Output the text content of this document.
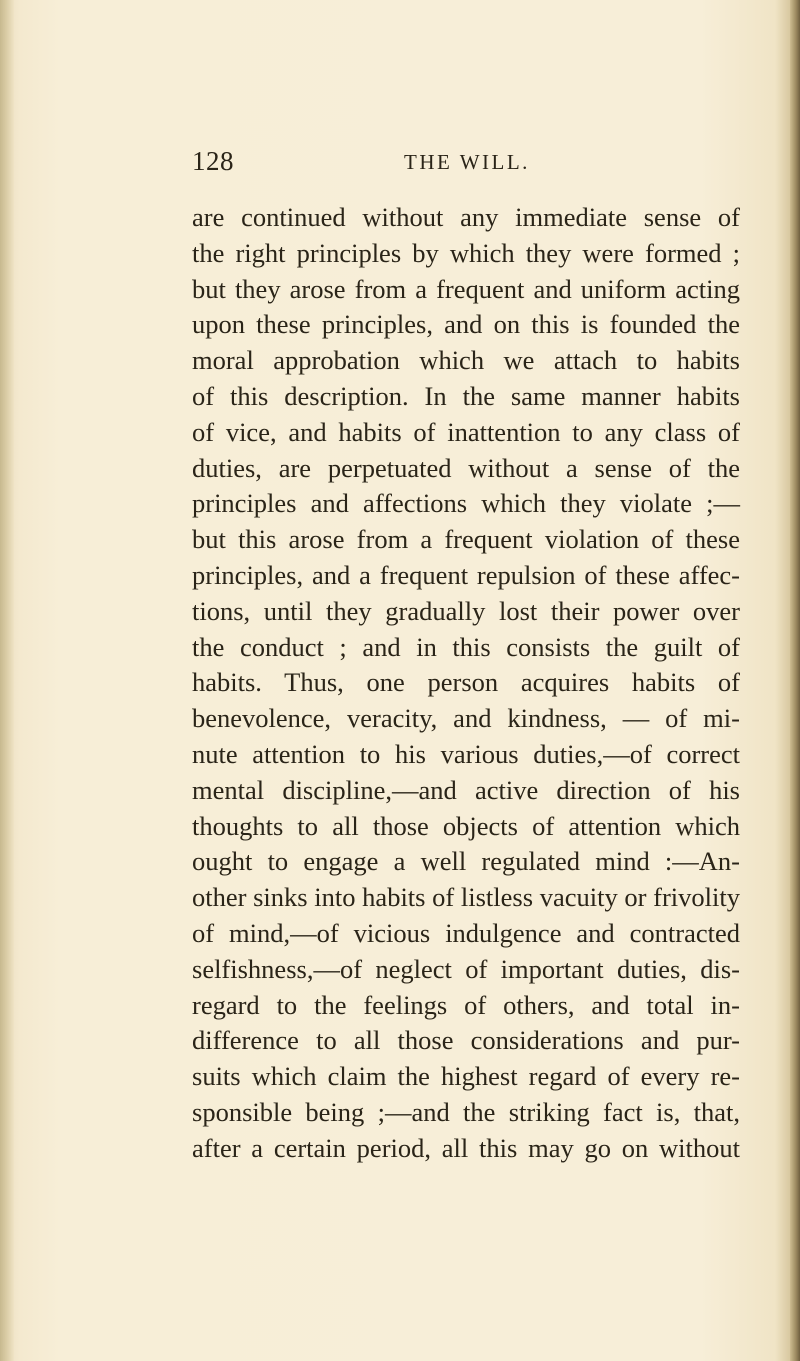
128	THE WILL.
are continued without any immediate sense of
the right principles by which they were formed ;
but they arose from a frequent and uniform acting
upon these principles, and on this is founded the
moral approbation which we attach to habits
of this description. In the same manner habits
of vice, and habits of inattention to any class of
duties, are perpetuated without a sense of the
principles and affections which they violate ;—
but this arose from a frequent violation of these
principles, and a frequent repulsion of these affec-
tions, until they gradually lost their power over
the conduct ; and in this consists the guilt of
habits. Thus, one person acquires habits of
benevolence, veracity, and kindness, — of mi-
nute attention to his various duties,—of correct
mental discipline,—and active direction of his
thoughts to all those objects of attention which
ought to engage a well regulated mind :—An-
other sinks into habits of listless vacuity or frivolity
of mind,—of vicious indulgence and contracted
selfishness,—of neglect of important duties, dis-
regard to the feelings of others, and total in-
difference to all those considerations and pur-
suits which claim the highest regard of every re-
sponsible being ;—and the striking fact is, that,
after a certain period, all this may go on without
